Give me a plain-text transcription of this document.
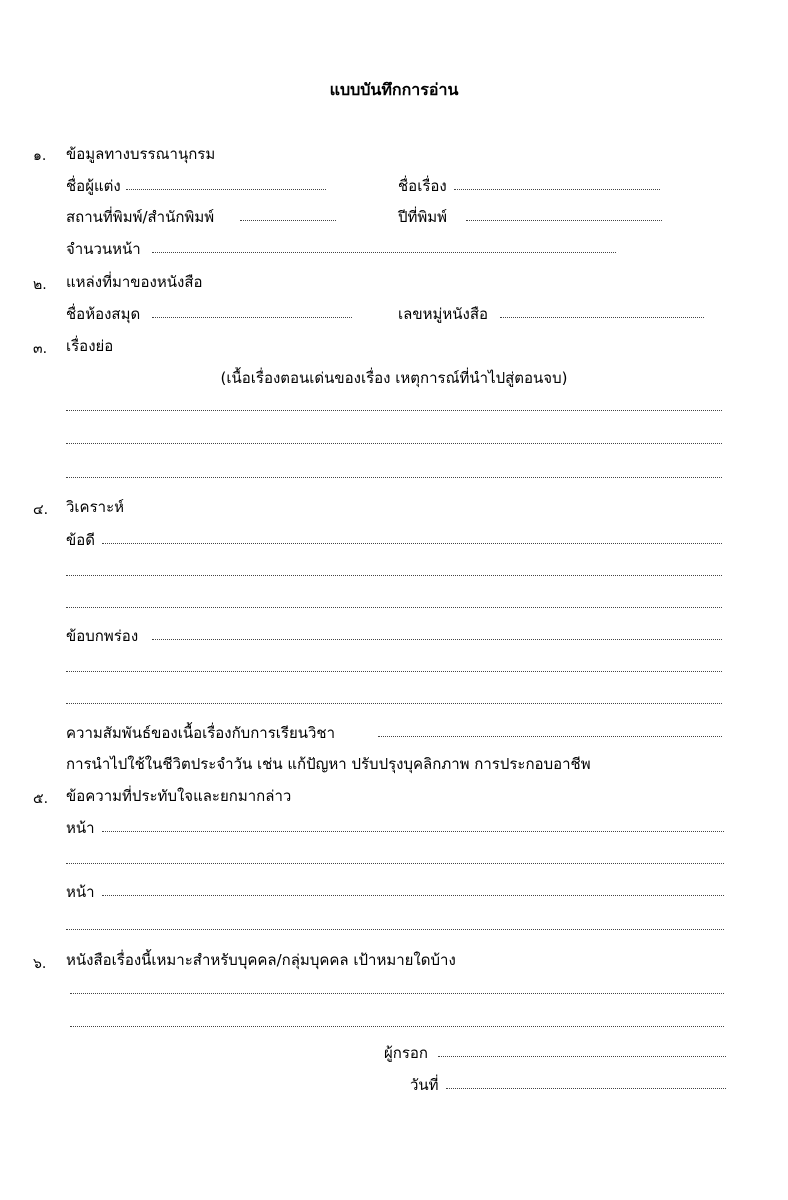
แบบบันทึกการอ่าน
๑. ข้อมูลทางบรรณานุกรม
ชื่อผู้แต่ง	ชื่อเรื่อง
สถานที่พิมพ์/สำนักพิมพ์	ปีที่พิมพ์
จำนวนหน้า
๒. แหล่งที่มาของหนังสือ
ชื่อห้องสมุด	เลขหมู่หนังสือ
๓. เรื่องย่อ
(เนื้อเรื่องตอนเด่นของเรื่อง เหตุการณ์ที่นำไปสู่ตอนจบ)
๔. วิเคราะห์
ข้อดี
ข้อบกพร่อง
ความสัมพันธ์ของเนื้อเรื่องกับการเรียนวิชา
การนำไปใช้ในชีวิตประจำวัน เช่น แก้ปัญหา ปรับปรุงบุคลิกภาพ การประกอบอาชีพ
๕. ข้อความที่ประทับใจและยกมากล่าว
หน้า
หน้า
๖. หนังสือเรื่องนี้เหมาะสำหรับบุคคล/กลุ่มบุคคล เป้าหมายใดบ้าง
ผู้กรอก
วันที่
